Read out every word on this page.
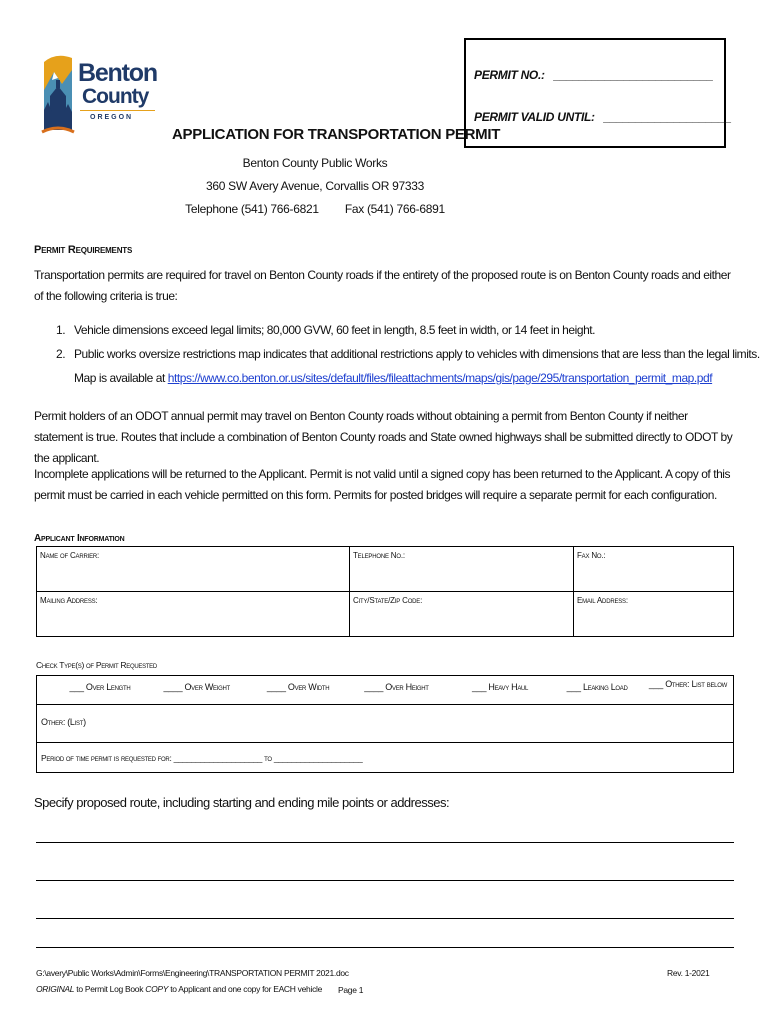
Benton
County
OREGON
PERMIT NO.: _________________________
PERMIT VALID UNTIL: ____________________
APPLICATION FOR TRANSPORTATION PERMIT
Benton County Public Works
360 SW Avery Avenue, Corvallis OR 97333
Telephone (541) 766-6821 Fax (541) 766-6891
Permit Requirements
Transportation permits are required for travel on Benton County roads if the entirety of the proposed route is on Benton County roads and either of the following criteria is true:
1. Vehicle dimensions exceed legal limits; 80,000 GVW, 60 feet in length, 8.5 feet in width, or 14 feet in height.
2. Public works oversize restrictions map indicates that additional restrictions apply to vehicles with dimensions that are less than the legal limits. Map is available at https://www.co.benton.or.us/sites/default/files/fileattachments/maps/gis/page/295/transportation_permit_map.pdf
Permit holders of an ODOT annual permit may travel on Benton County roads without obtaining a permit from Benton County if neither statement is true. Routes that include a combination of Benton County roads and State owned highways shall be submitted directly to ODOT by the applicant.
Incomplete applications will be returned to the Applicant. Permit is not valid until a signed copy has been returned to the Applicant. A copy of this permit must be carried in each vehicle permitted on this form. Permits for posted bridges will require a separate permit for each configuration.
Applicant Information
Name of Carrier:	Telephone No.:	Fax No.:
Mailing Address:	City/State/Zip Code:	Email Address:
Check Type(s) of Permit Requested
___ Over Length	____ Over Weight	____ Over Width	____ Over Height	___ Heavy Haul	___ Leaking Load	___ Other: List below
Other: (List)
Period of time permit is requested for: ____________________ to ____________________
Specify proposed route, including starting and ending mile points or addresses:
G:\avery\Public Works\Admin\Forms\Engineering\TRANSPORTATION PERMIT 2021.doc
ORIGINAL to Permit Log Book COPY to Applicant and one copy for EACH vehicle Page 1
Rev. 1-2021
